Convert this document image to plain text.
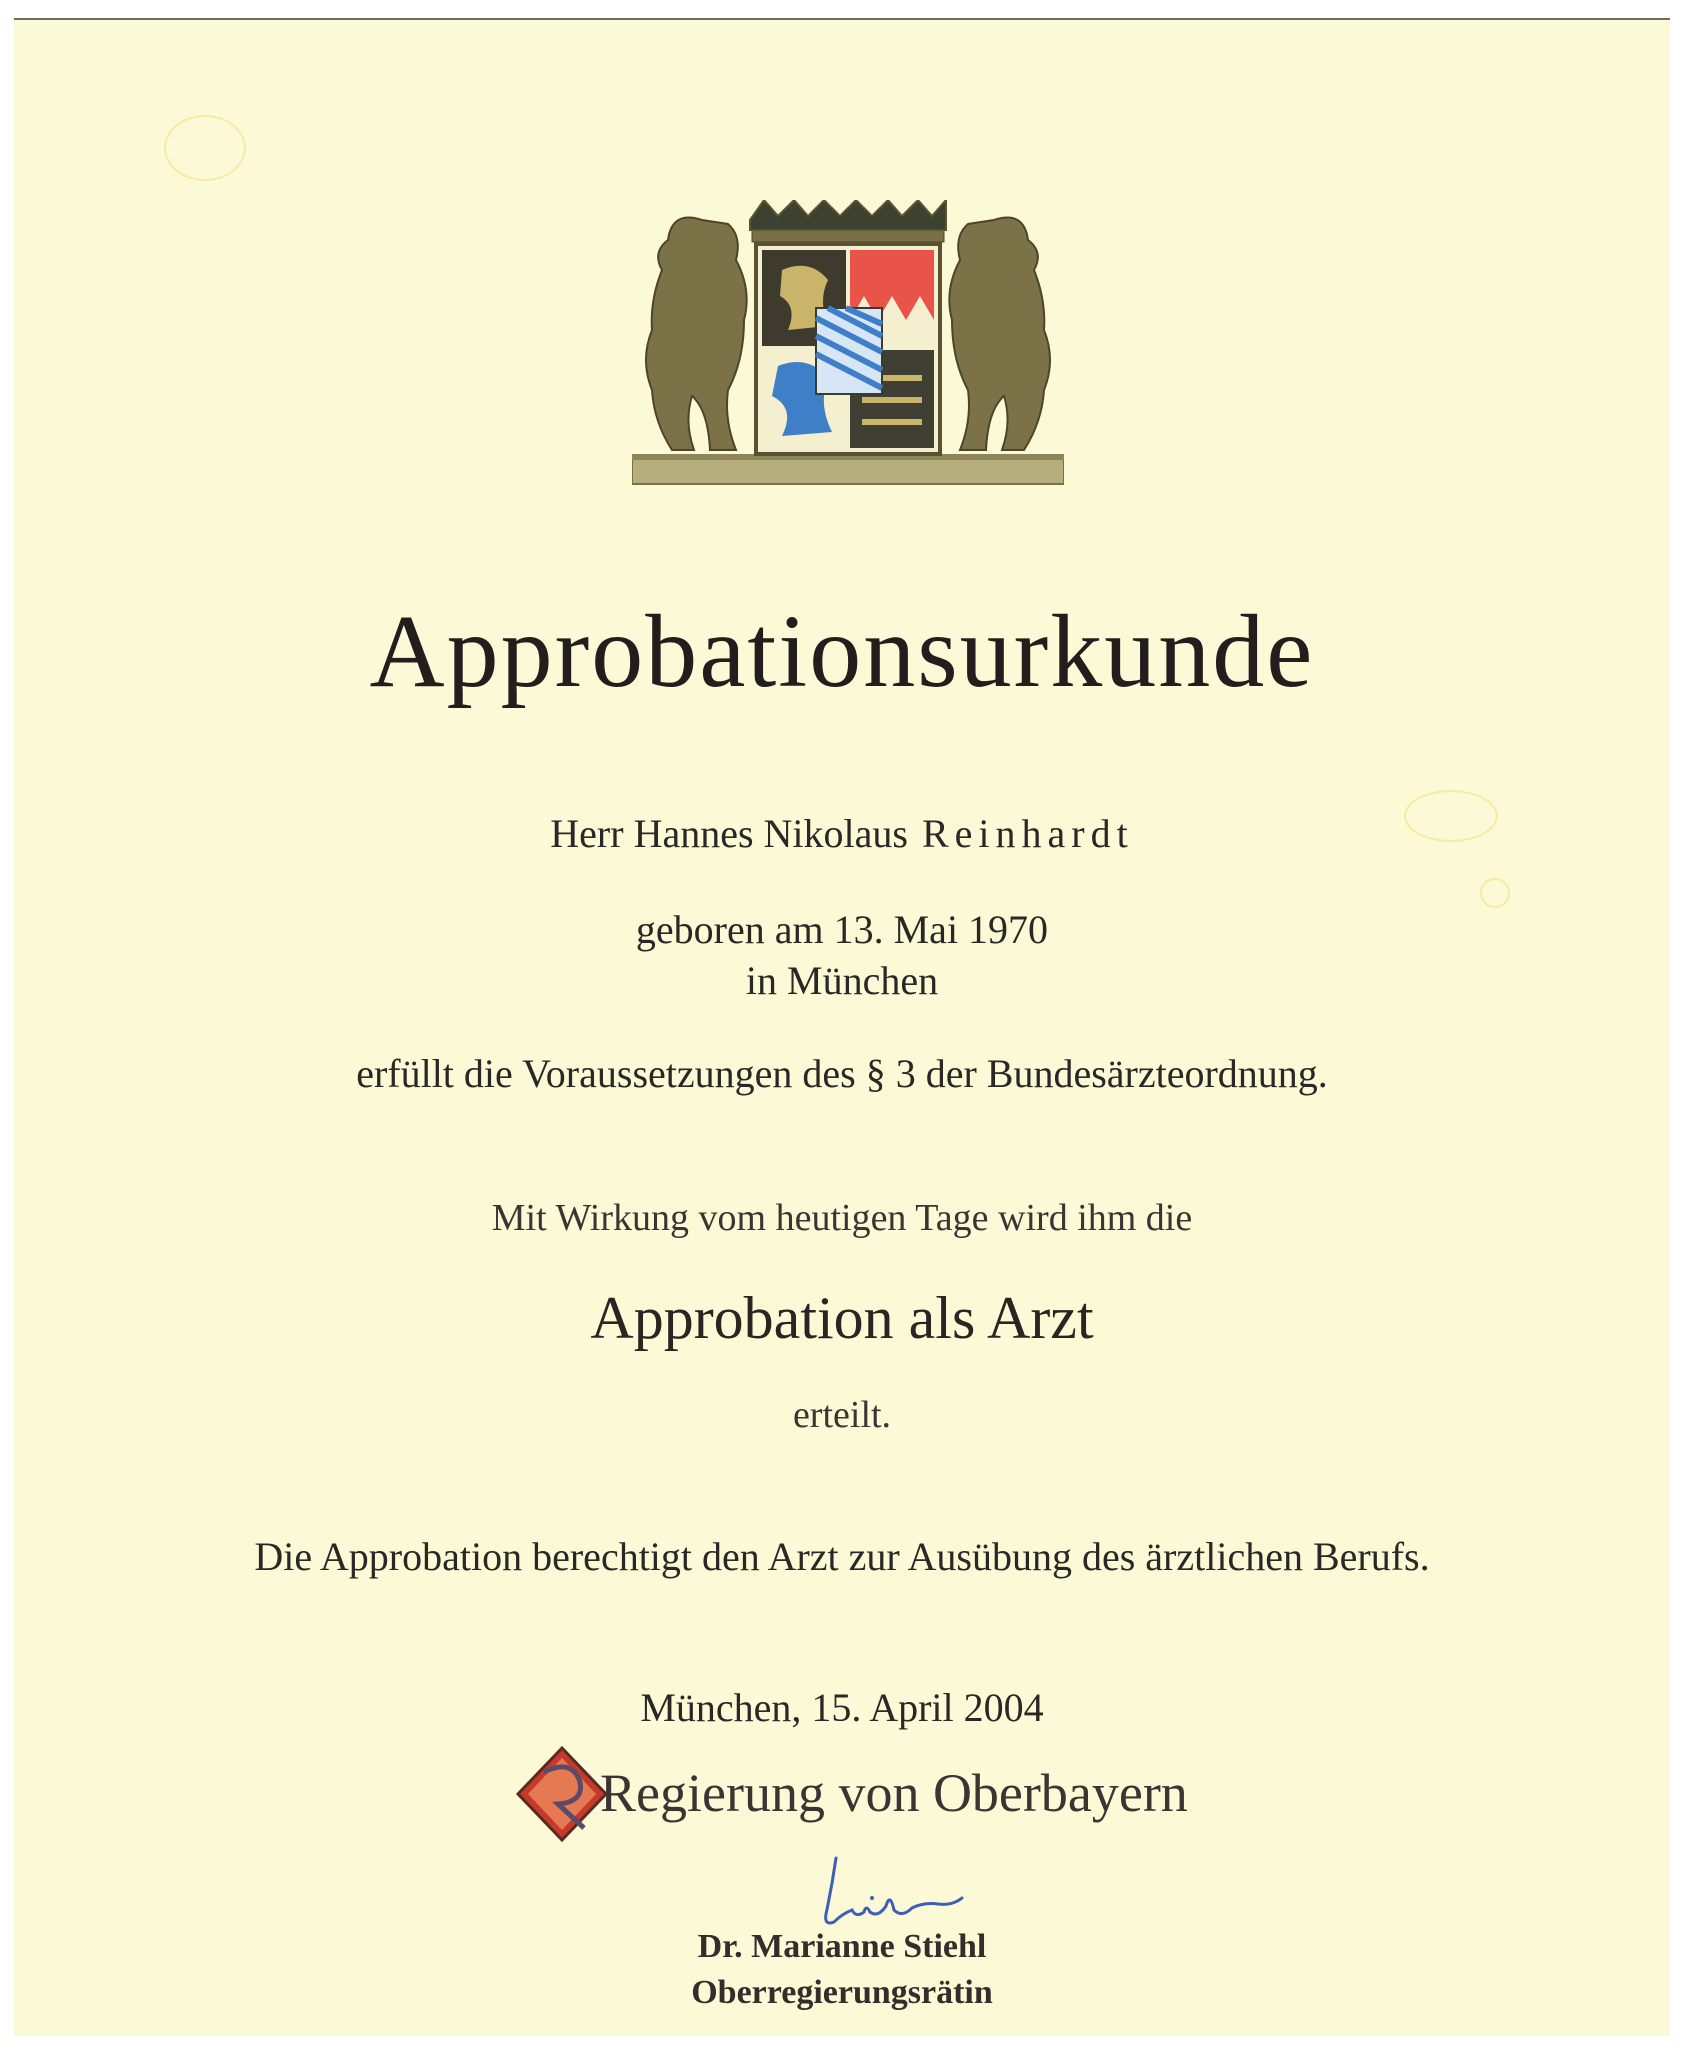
Approbationsurkunde
Herr Hannes Nikolaus Reinhardt
geboren am 13. Mai 1970
in München
erfüllt die Voraussetzungen des § 3 der Bundesärzteordnung.
Mit Wirkung vom heutigen Tage wird ihm die
Approbation als Arzt
erteilt.
Die Approbation berechtigt den Arzt zur Ausübung des ärztlichen Berufs.
München, 15. April 2004
Regierung von Oberbayern
Dr. Marianne Stiehl
Oberregierungsrätin
